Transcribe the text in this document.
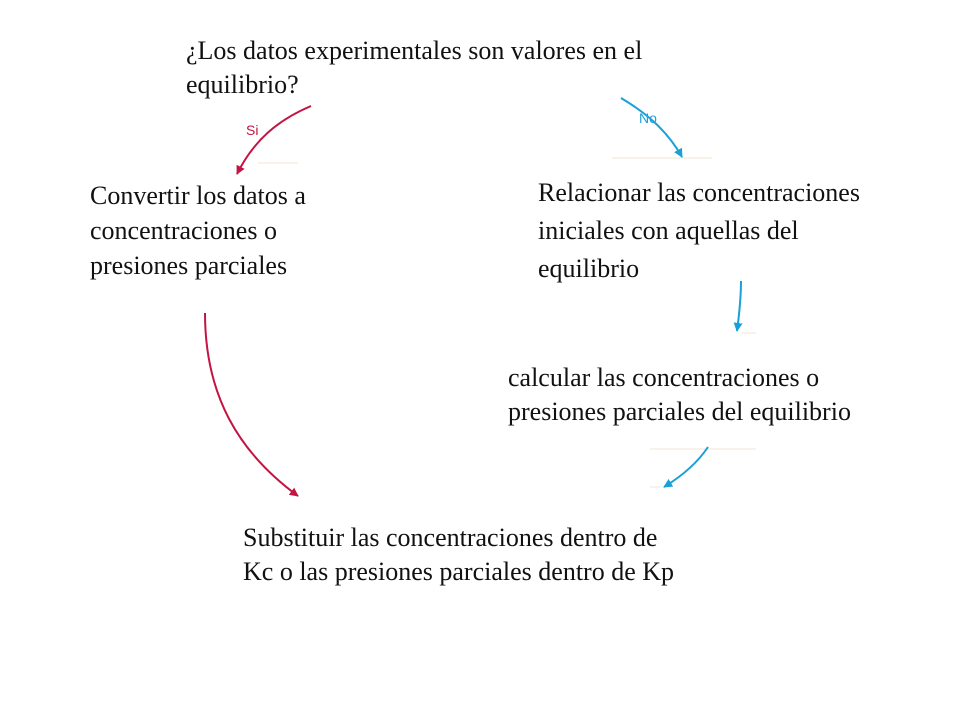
¿Los datos experimentales son valores en el
equilibrio?
Si
No
Convertir los datos a
concentraciones o
presiones parciales
Relacionar las concentraciones
iniciales con aquellas del
equilibrio
calcular las concentraciones o
presiones parciales del equilibrio
Substituir las concentraciones dentro de
Kc o las presiones parciales dentro de Kp
